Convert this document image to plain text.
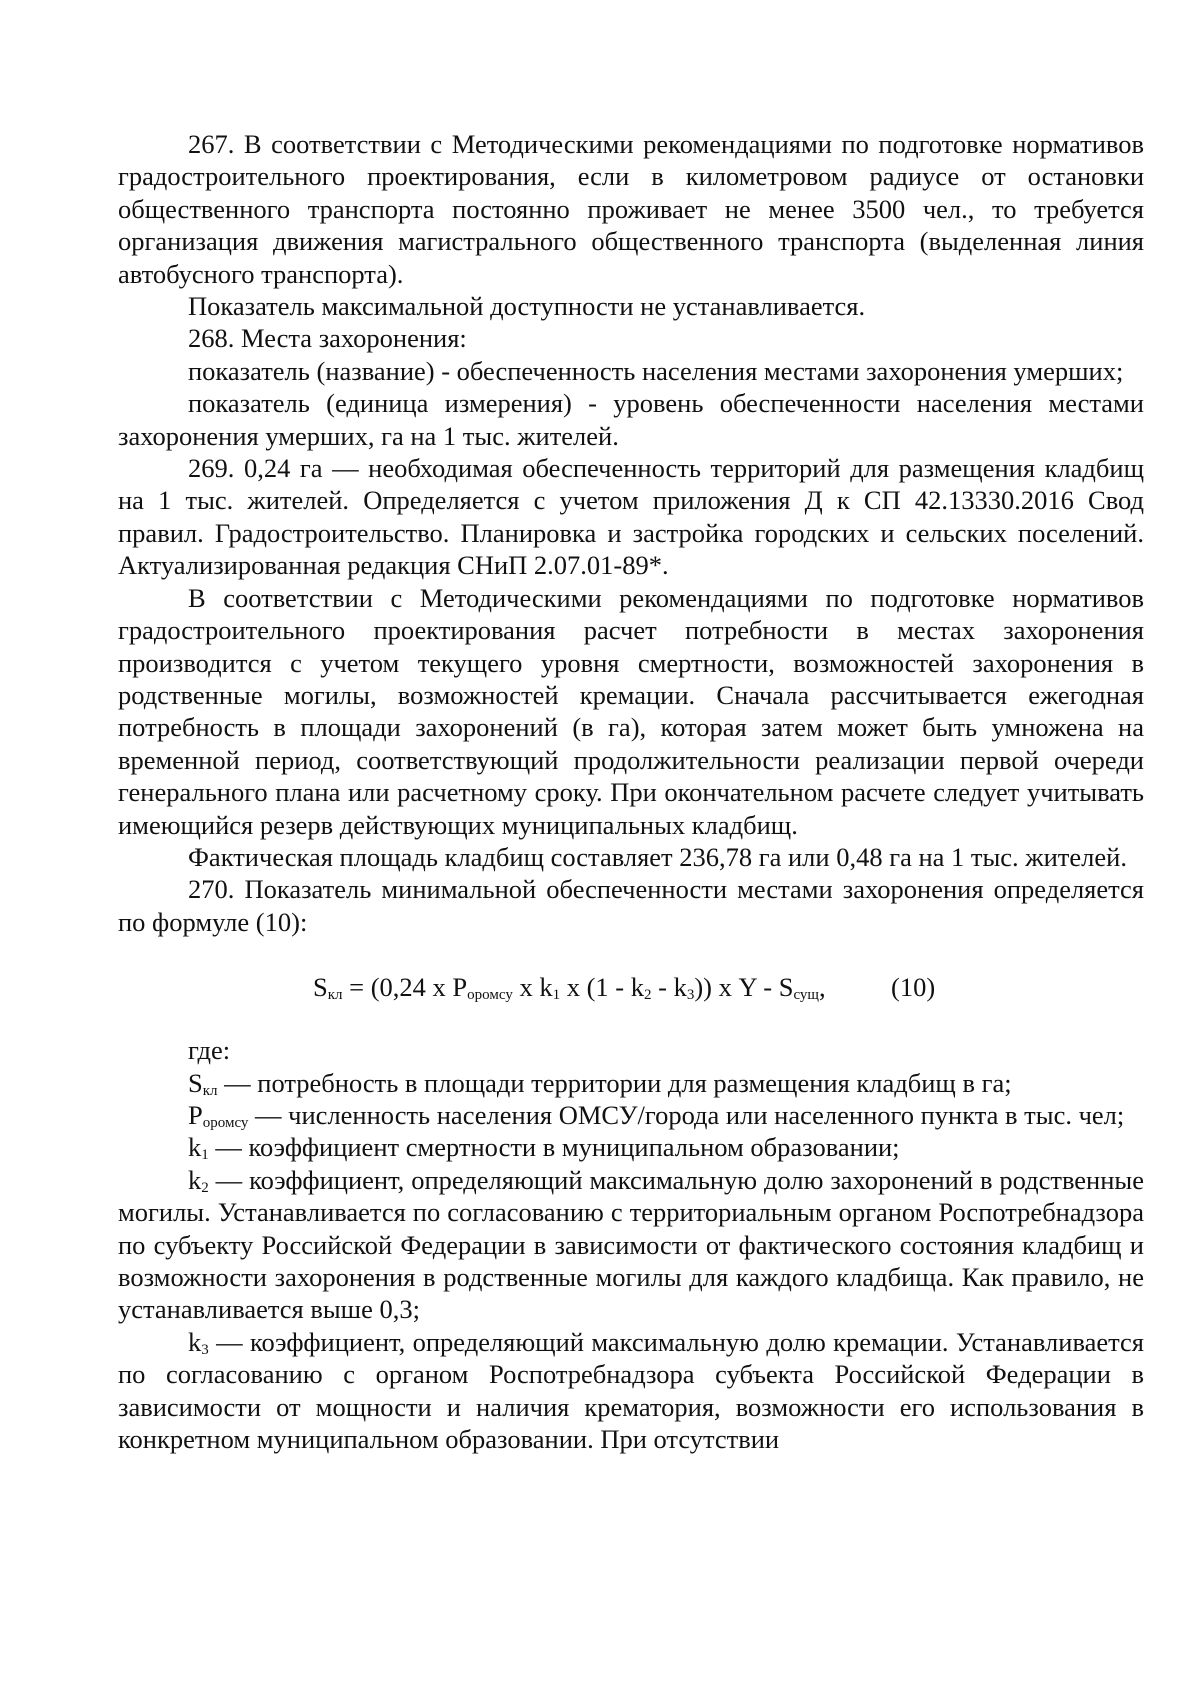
267. В соответствии с Методическими рекомендациями по подготовке нормативов градостроительного проектирования, если в километровом радиусе от остановки общественного транспорта постоянно проживает не менее 3500 чел., то требуется организация движения магистрального общественного транспорта (выделенная линия автобусного транспорта).

Показатель максимальной доступности не устанавливается.

268. Места захоронения:

показатель (название) - обеспеченность населения местами захоронения умерших;

показатель (единица измерения) - уровень обеспеченности населения местами захоронения умерших, га на 1 тыс. жителей.

269. 0,24 га — необходимая обеспеченность территорий для размещения кладбищ на 1 тыс. жителей. Определяется с учетом приложения Д к СП 42.13330.2016 Свод правил. Градостроительство. Планировка и застройка городских и сельских поселений. Актуализированная редакция СНиП 2.07.01-89*.

В соответствии с Методическими рекомендациями по подготовке нормативов градостроительного проектирования расчет потребности в местах захоронения производится с учетом текущего уровня смертности, возможностей захоронения в родственные могилы, возможностей кремации. Сначала рассчитывается ежегодная потребность в площади захоронений (в га), которая затем может быть умножена на временной период, соответствующий продолжительности реализации первой очереди генерального плана или расчетному сроку. При окончательном расчете следует учитывать имеющийся резерв действующих муниципальных кладбищ.

Фактическая площадь кладбищ составляет 236,78 га или 0,48 га на 1 тыс. жителей.

270. Показатель минимальной обеспеченности местами захоронения определяется по формуле (10):

$S_{кл} = (0,24$ х $P_{оромсу}$ х $k_1$ х $(1 - k_2 - k_3)$) х Y - $S_{сущ}$, (10)

где:

$S_{кл}$ — потребность в площади территории для размещения кладбищ в га;

$P_{оромсу}$ — численность населения ОМСУ/города или населенного пункта в тыс. чел;

$k_1$ — коэффициент смертности в муниципальном образовании;

$k_2$ — коэффициент, определяющий максимальную долю захоронений в родственные могилы. Устанавливается по согласованию с территориальным органом Роспотребнадзора по субъекту Российской Федерации в зависимости от фактического состояния кладбищ и возможности захоронения в родственные могилы для каждого кладбища. Как правило, не устанавливается выше 0,3;

$k_3$ — коэффициент, определяющий максимальную долю кремации. Устанавливается по согласованию с органом Роспотребнадзора субъекта Российской Федерации в зависимости от мощности и наличия крематория, возможности его использования в конкретном муниципальном образовании. При отсутствии
